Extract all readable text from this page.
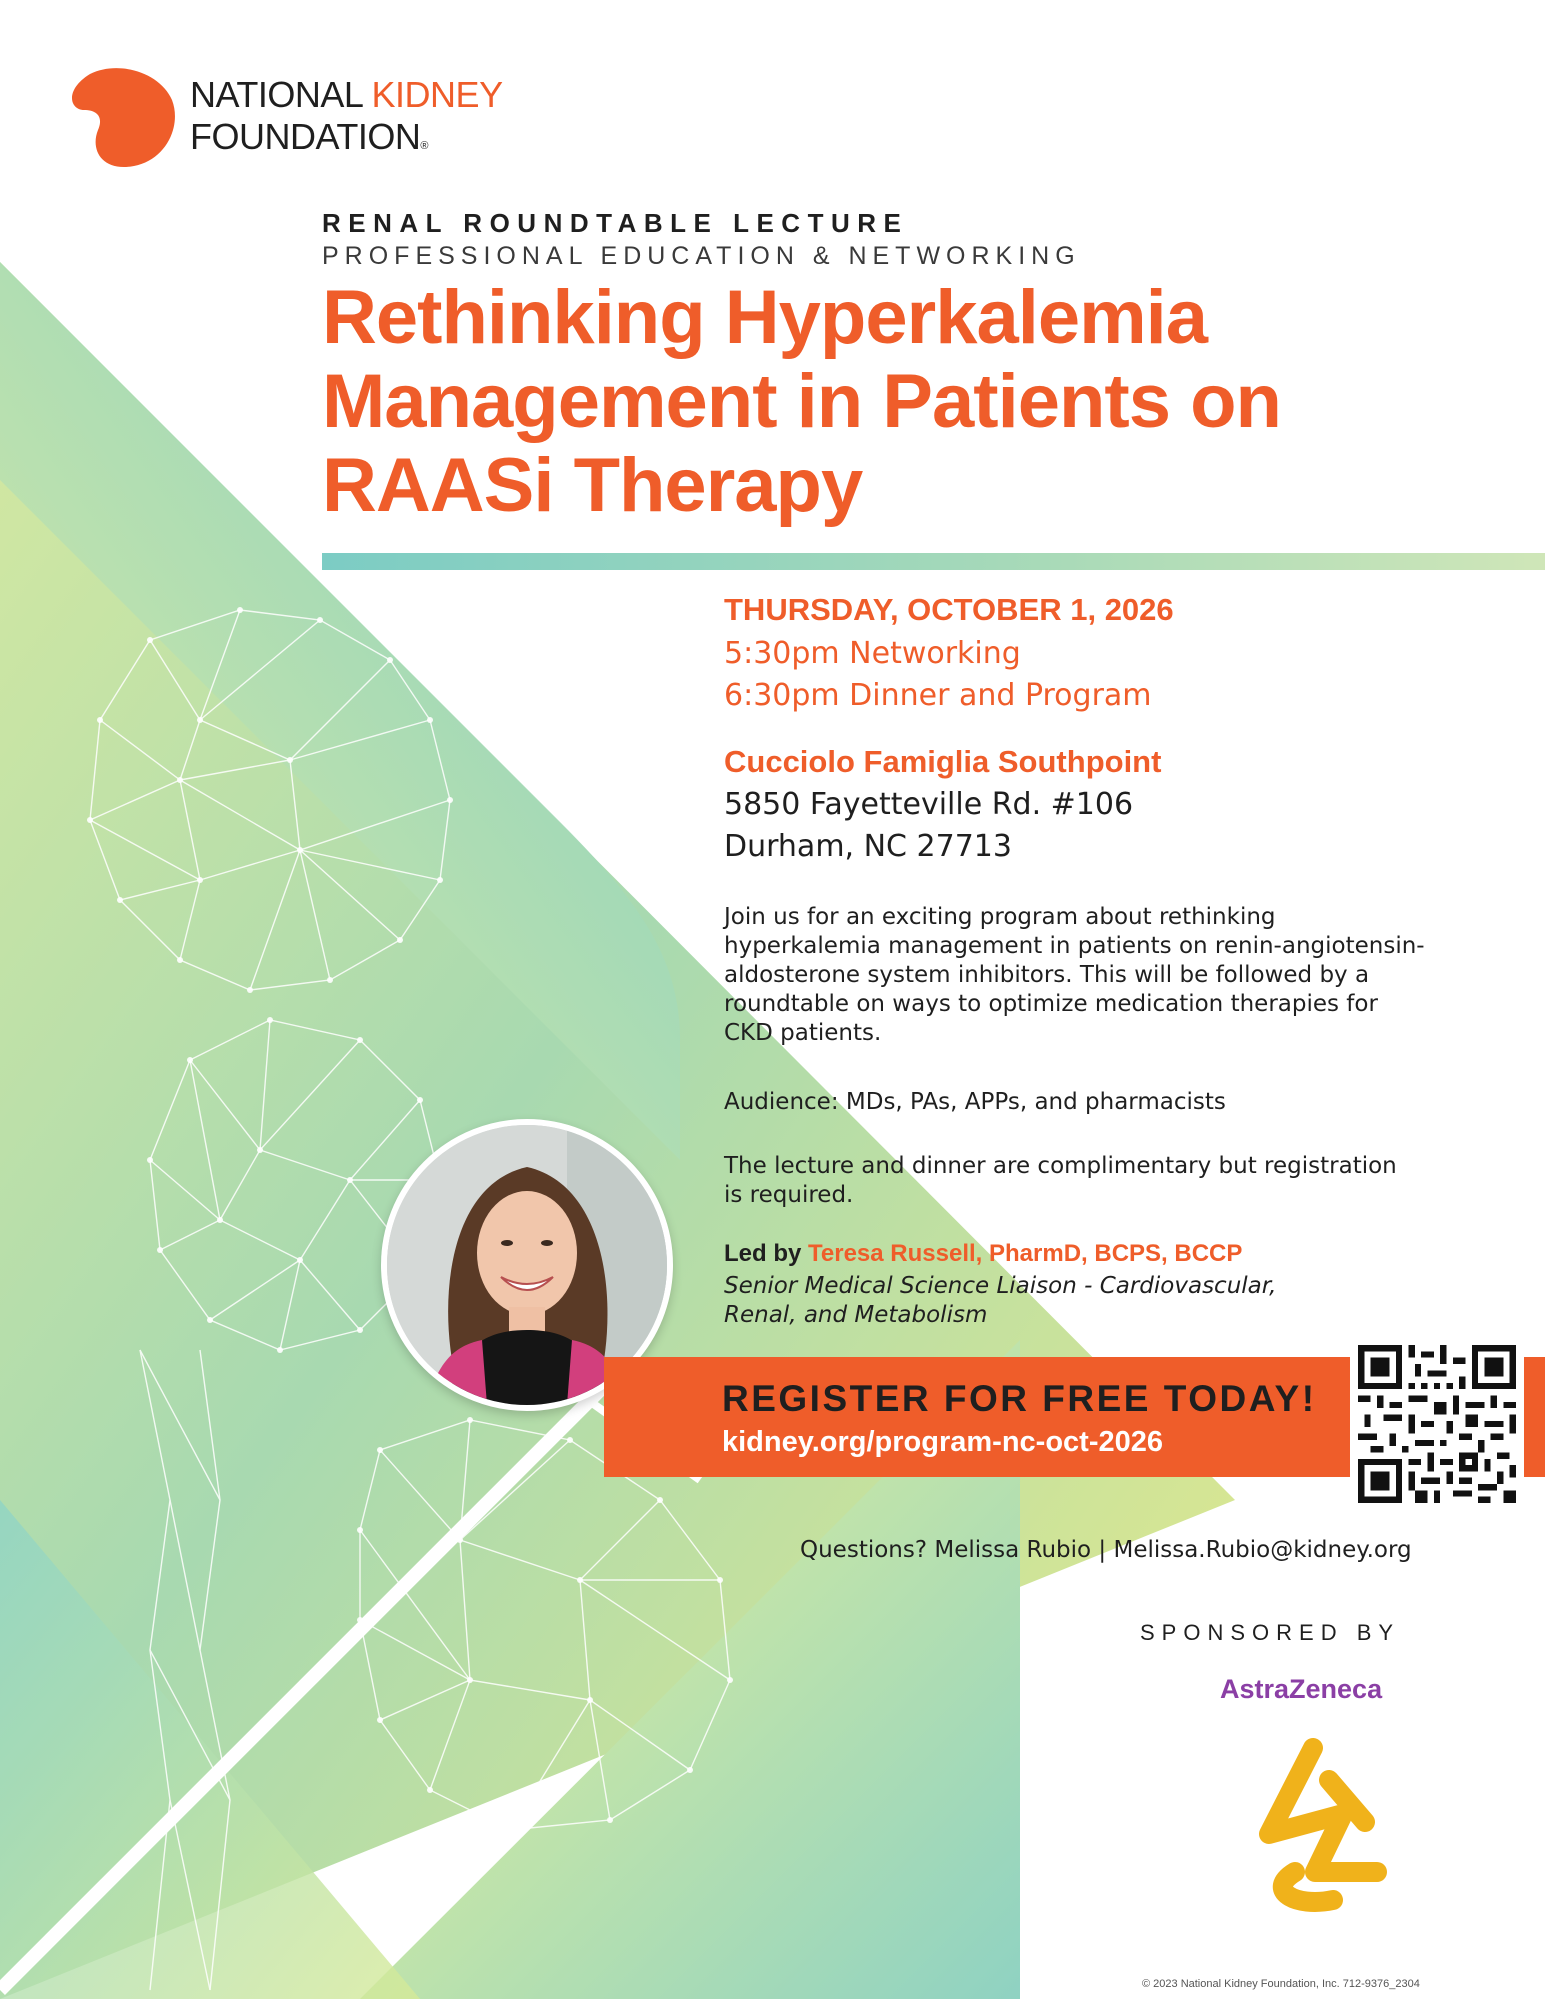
NATIONAL KIDNEY
FOUNDATION®
RENAL ROUNDTABLE LECTURE
PROFESSIONAL EDUCATION & NETWORKING
Rethinking Hyperkalemia
Management in Patients on
RAASi Therapy
THURSDAY, OCTOBER 1, 2026
5:30pm Networking
6:30pm Dinner and Program
Cucciolo Famiglia Southpoint
5850 Fayetteville Rd. #106
Durham, NC 27713
Join us for an exciting program about rethinking
hyperkalemia management in patients on renin-angiotensin-
aldosterone system inhibitors. This will be followed by a
roundtable on ways to optimize medication therapies for
CKD patients.
Audience: MDs, PAs, APPs, and pharmacists
The lecture and dinner are complimentary but registration
is required.
Led by Teresa Russell, PharmD, BCPS, BCCP
Senior Medical Science Liaison - Cardiovascular,
Renal, and Metabolism
REGISTER FOR FREE TODAY!
kidney.org/program-nc-oct-2026
Questions? Melissa Rubio | Melissa.Rubio@kidney.org
SPONSORED BY
AstraZeneca
© 2023 National Kidney Foundation, Inc. 712-9376_2304
